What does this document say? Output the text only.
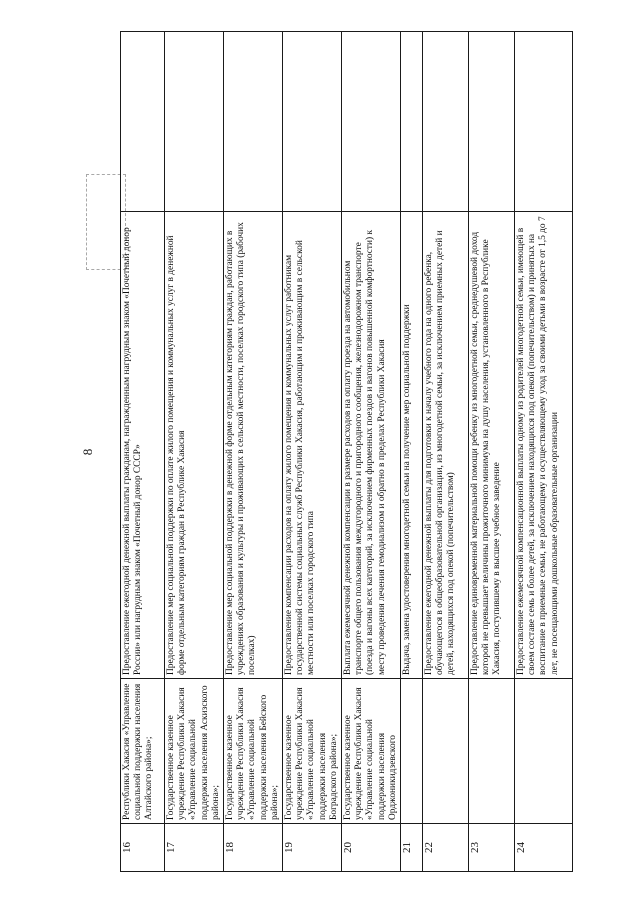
8
16	Республики Хакасия «Управление социальной поддержки населения Алтайского района»;	Предоставление ежегодной денежной выплаты гражданам, награжденным нагрудным знаком «Почетный донор России» или нагрудным знаком «Почетный донор СССР»	
17	Государственное казенное учреждение Республики Хакасия «Управление социальной поддержки населения Аскизского района»;	Предоставление мер социальной поддержки по оплате жилого помещения и коммунальных услуг в денежной форме отдельным категориям граждан в Республике Хакасия	
18	Государственное казенное учреждение Республики Хакасия «Управление социальной поддержки населения Бейского района»;	Предоставление мер социальной поддержки в денежной форме отдельным категориям граждан, работающих в учреждениях образования и культуры и проживающих в сельской местности, поселках городского типа (рабочих поселках)	
19	Государственное казенное учреждение Республики Хакасия «Управление социальной поддержки населения Боградского района»;	Предоставление компенсации расходов на оплату жилого помещения и коммунальных услуг работникам государственной системы социальных служб Республики Хакасия, работающим и проживающим в сельской местности или поселках городского типа	
20	Государственное казенное учреждение Республики Хакасия «Управление социальной поддержки населения Орджоникидзевского	Выплата ежемесячной денежной компенсации в размере расходов на оплату проезда на автомобильном транспорте общего пользования междугородного и пригородного сообщения, железнодорожном транспорте (поезда и вагоны всех категорий, за исключением фирменных поездов и вагонов повышенной комфортности) к месту проведения лечения гемодиализом и обратно в пределах Республики Хакасия	
21		Выдача, замена удостоверения многодетной семьи на получение мер социальной поддержки	
22		Предоставление ежегодной денежной выплаты для подготовки к началу учебного года на одного ребенка, обучающегося в общеобразовательной организации, из многодетной семьи, за исключением приемных детей и детей, находящихся под опекой (попечительством)	
23		Предоставление единовременной материальной помощи ребенку из многодетной семьи, среднедушевой доход которой не превышает величины прожиточного минимума на душу населения, установленного в Республике Хакасия, поступившему в высшее учебное заведение	
24		Предоставление ежемесячной компенсационной выплаты одному из родителей многодетной семьи, имеющей в своем составе семь и более детей, за исключением находящихся под опекой (попечительством) и принятых на воспитание в приемные семьи, не работающему и осуществляющему уход за своими детьми в возрасте от 1,5 до 7 лет, не посещающими дошкольные образовательные организации	
